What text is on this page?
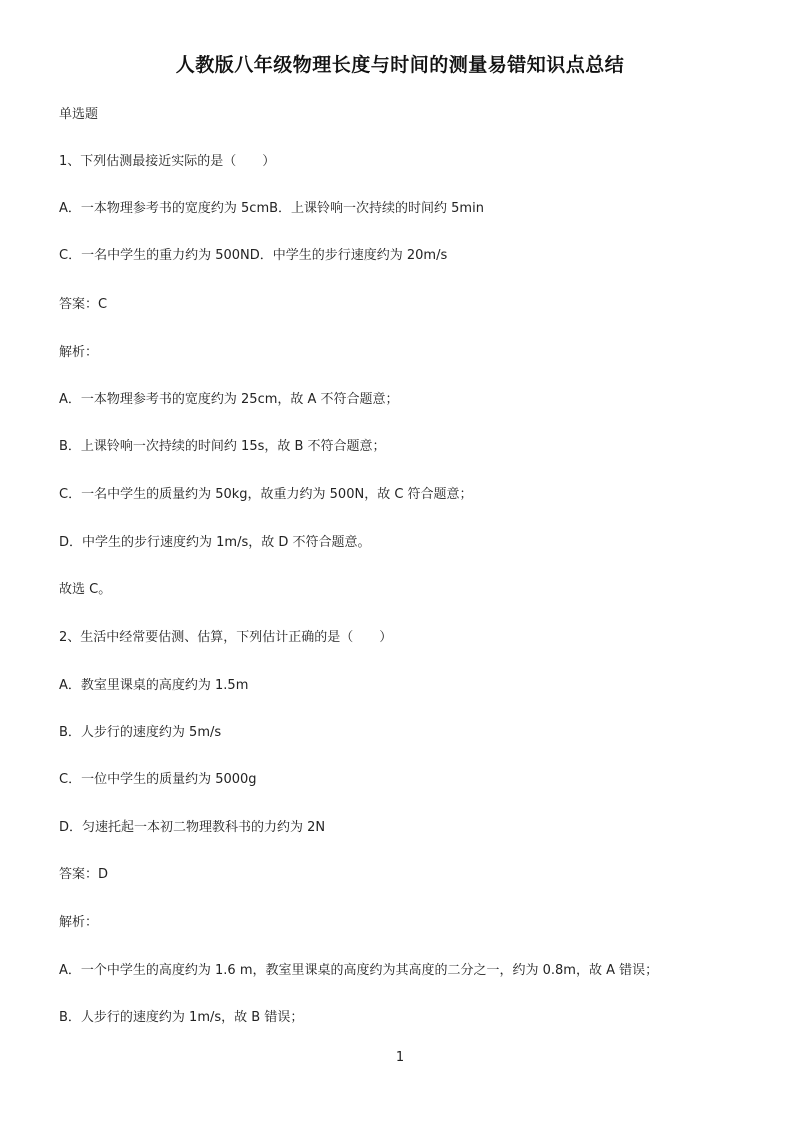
人教版八年级物理长度与时间的测量易错知识点总结
单选题
1、下列估测最接近实际的是（　　）
A．一本物理参考书的宽度约为 5cmB．上课铃响一次持续的时间约 5min
C．一名中学生的重力约为 500ND．中学生的步行速度约为 20m/s
答案：C
解析：
A．一本物理参考书的宽度约为 25cm，故 A 不符合题意；
B．上课铃响一次持续的时间约 15s，故 B 不符合题意；
C．一名中学生的质量约为 50kg，故重力约为 500N，故 C 符合题意；
D．中学生的步行速度约为 1m/s，故 D 不符合题意。
故选 C。
2、生活中经常要估测、估算，下列估计正确的是（　　）
A．教室里课桌的高度约为 1.5m
B．人步行的速度约为 5m/s
C．一位中学生的质量约为 5000g
D．匀速托起一本初二物理教科书的力约为 2N
答案：D
解析：
A．一个中学生的高度约为 1.6 m，教室里课桌的高度约为其高度的二分之一，约为 0.8m，故 A 错误；
B．人步行的速度约为 1m/s，故 B 错误；
1
